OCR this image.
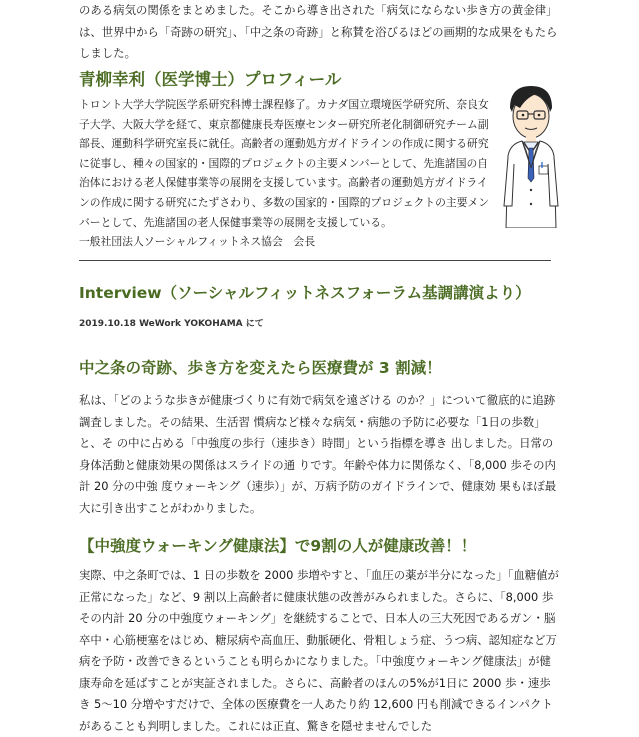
のある病気の関係をまとめました。そこから導き出された「病気にならない歩き方の黄金律」は、世界中から「奇跡の研究」、「中之条の奇跡」と称賛を浴びるほどの画期的な成果をもたらしました。

青柳幸利（医学博士）プロフィール

トロント大学大学院医学系研究科博士課程修了。カナダ国立環境医学研究所、奈良女子大学、大阪大学を経て、東京都健康長寿医療センター研究所老化制御研究チーム副部長、運動科学研究室長に就任。高齢者の運動処方ガイドラインの作成に関する研究に従事し、種々の国家的・国際的プロジェクトの主要メンバーとして、先進諸国の自治体における老人保健事業等の展開を支援しています。高齢者の運動処方ガイドラインの作成に関する研究にたずさわり、多数の国家的・国際的プロジェクトの主要メンバーとして、先進諸国の老人保健事業等の展開を支援している。
一般社団法人ソーシャルフィットネス協会　会長

Interview（ソーシャルフィットネスフォーラム基調講演より）

2019.10.18 WeWork YOKOHAMA にて

中之条の奇跡、歩き方を変えたら医療費が 3 割減！

私は、「どのような歩きが健康づくりに有効で病気を遠ざける のか？」について徹底的に追跡調査しました。その結果、生活習 慣病など様々な病気・病態の予防に必要な「1日の歩数」と、そ の中に占める「中強度の歩行（速歩き）時間」という指標を導き 出しました。日常の身体活動と健康効果の関係はスライドの通 りです。年齢や体力に関係なく、「8,000 歩その内計 20 分の中強 度ウォーキング（速歩）」が、万病予防のガイドラインで、健康効 果もほぼ最大に引き出すことがわかりました。

【中強度ウォーキング健康法】で9割の人が健康改善！！

実際、中之条町では、1 日の歩数を 2000 歩増やすと、「血圧の薬が半分になった」「血糖値が正常になった」など、9 割以上高齢者に健康状態の改善がみられました。さらに、「8,000 歩その内計 20 分の中強度ウォーキング」を継続することで、日本人の三大死因であるガン・脳卒中・心筋梗塞をはじめ、糖尿病や高血圧、動脈硬化、骨粗しょう症、うつ病、認知症など万病を予防・改善できるということも明らかになりました。「中強度ウォーキング健康法」が健康寿命を延ばすことが実証されました。さらに、高齢者のほんの5%が1日に 2000 歩・速歩き 5～10 分増やすだけで、全体の医療費を一人あたり約 12,600 円も削減できるインパクトがあることも判明しました。これには正直、驚きを隠せませんでした
